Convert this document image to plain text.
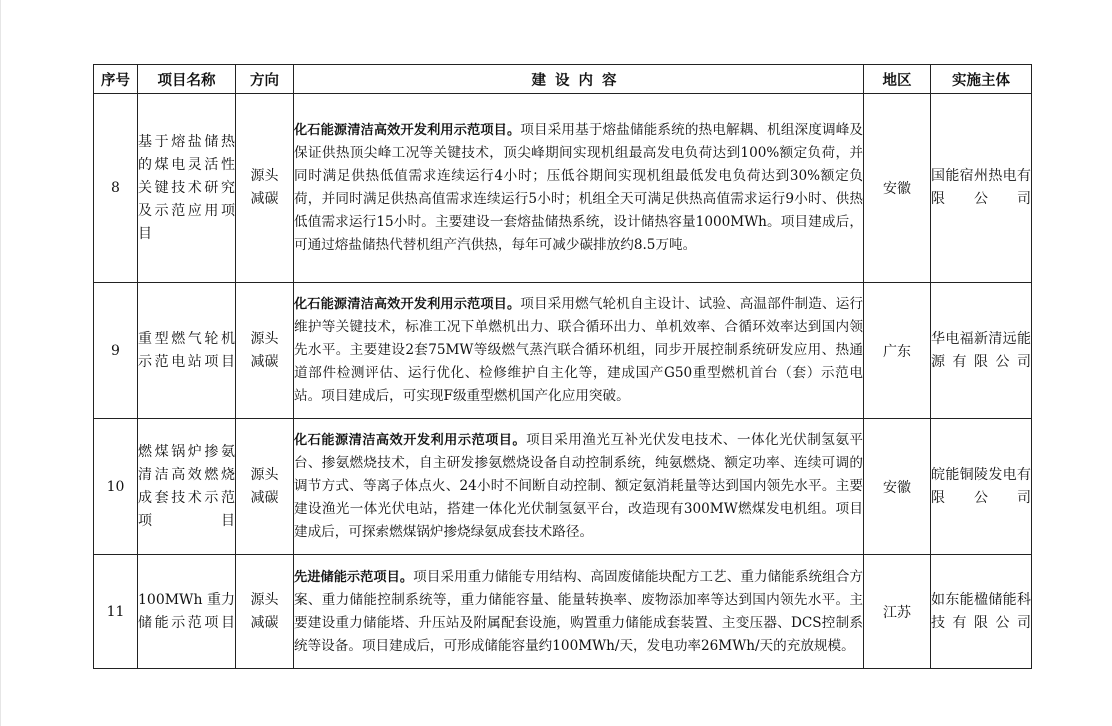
序号	项目名称	方向	建设内容	地区	实施主体
8	基于熔盐储热的煤电灵活性关键技术研究及示范应用项目	源头减碳	化石能源清洁高效开发利用示范项目。项目采用基于熔盐储能系统的热电解耦、机组深度调峰及保证供热顶尖峰工况等关键技术，顶尖峰期间实现机组最高发电负荷达到100%额定负荷，并同时满足供热低值需求连续运行4小时；压低谷期间实现机组最低发电负荷达到30%额定负荷，并同时满足供热高值需求连续运行5小时；机组全天可满足供热高值需求运行9小时、供热低值需求运行15小时。主要建设一套熔盐储热系统，设计储热容量1000MWh。项目建成后，可通过熔盐储热代替机组产汽供热，每年可减少碳排放约8.5万吨。	安徽	国能宿州热电有限公司
9	重型燃气轮机示范电站项目	源头减碳	化石能源清洁高效开发利用示范项目。项目采用燃气轮机自主设计、试验、高温部件制造、运行维护等关键技术，标准工况下单燃机出力、联合循环出力、单机效率、合循环效率达到国内领先水平。主要建设2套75MW等级燃气蒸汽联合循环机组，同步开展控制系统研发应用、热通道部件检测评估、运行优化、检修维护自主化等，建成国产G50重型燃机首台（套）示范电站。项目建成后，可实现F级重型燃机国产化应用突破。	广东	华电福新清远能源有限公司
10	燃煤锅炉掺氨清洁高效燃烧成套技术示范项目	源头减碳	化石能源清洁高效开发利用示范项目。项目采用渔光互补光伏发电技术、一体化光伏制氢氨平台、掺氨燃烧技术，自主研发掺氨燃烧设备自动控制系统，纯氨燃烧、额定功率、连续可调的调节方式、等离子体点火、24小时不间断自动控制、额定氨消耗量等达到国内领先水平。主要建设渔光一体光伏电站，搭建一体化光伏制氢氨平台，改造现有300MW燃煤发电机组。项目建成后，可探索燃煤锅炉掺烧绿氨成套技术路径。	安徽	皖能铜陵发电有限公司
11	100MWh 重力储能示范项目	源头减碳	先进储能示范项目。项目采用重力储能专用结构、高固废储能块配方工艺、重力储能系统组合方案、重力储能控制系统等，重力储能容量、能量转换率、废物添加率等达到国内领先水平。主要建设重力储能塔、升压站及附属配套设施，购置重力储能成套装置、主变压器、DCS控制系统等设备。项目建成后，可形成储能容量约100MWh/天，发电功率26MWh/天的充放规模。	江苏	如东能楹储能科技有限公司
